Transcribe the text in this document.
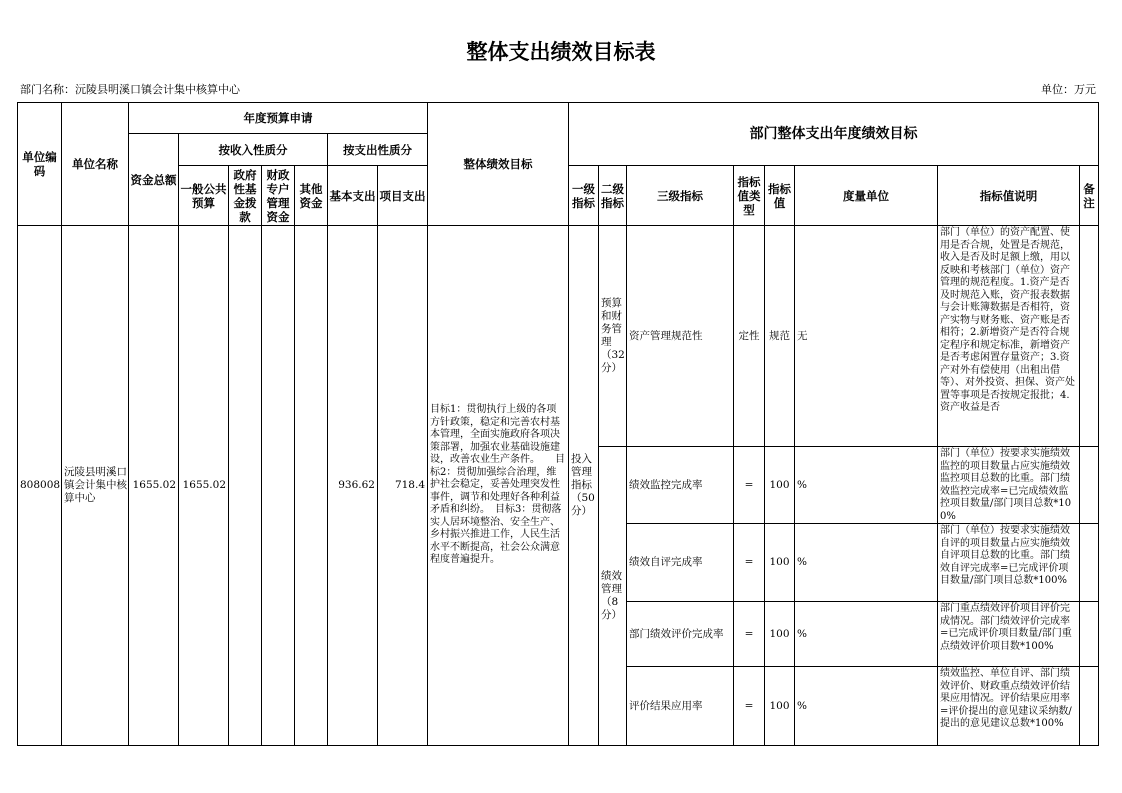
整体支出绩效目标表
部门名称：沅陵县明溪口镇会计集中核算中心	单位：万元
单位编码	单位名称	年度预算申请							整体绩效目标	部门整体支出年度绩效目标							
		资金总额	按收入性质分				按支出性质分										
			一般公共预算	政府性基金拨款	财政专户管理资金	其他资金	基本支出	项目支出		一级指标	二级指标	三级指标	指标值类型	指标值	度量单位	指标值说明	备注

808008	沅陵县明溪口镇会计集中核算中心	1655.02	1655.02				936.62	718.4	目标1：贯彻执行上级的各项方针政策，稳定和完善农村基本管理，全面实施政府各项决策部署，加强农业基础设施建设，改善农业生产条件。　　目标2：贯彻加强综合治理，维护社会稳定，妥善处理突发性事件，调节和处理好各种利益矛盾和纠纷。　目标3：贯彻落实人居环境整治、安全生产、乡村振兴推进工作，人民生活水平不断提高，社会公众满意程度普遍提升。	投入管理指标（50分）	预算和财务管理（32分）	资产管理规范性	定性	规范	无	部门（单位）的资产配置、使用是否合规，处置是否规范，收入是否及时足额上缴，用以反映和考核部门（单位）资产管理的规范程度。1.资产是否及时规范入账，资产报表数据与会计账簿数据是否相符，资产实物与财务账、资产账是否相符；2.新增资产是否符合规定程序和规定标准，新增资产是否考虑闲置存量资产；3.资产对外有偿使用（出租出借等）、对外投资、担保、资产处置等事项是否按规定报批；4.资产收益是否	

											绩效管理（8分）	绩效监控完成率	=	100	%	部门（单位）按要求实施绩效监控的项目数量占应实施绩效监控项目总数的比重。部门绩效监控完成率=已完成绩效监控项目数量/部门项目总数*100%	

												绩效自评完成率	=	100	%	部门（单位）按要求实施绩效自评的项目数量占应实施绩效自评项目总数的比重。部门绩效自评完成率=已完成评价项目数量/部门项目总数*100%	

												部门绩效评价完成率	=	100	%	部门重点绩效评价项目评价完成情况。部门绩效评价完成率=已完成评价项目数量/部门重点绩效评价项目数*100%	

												评价结果应用率	=	100	%	绩效监控、单位自评、部门绩效评价、财政重点绩效评价结果应用情况。评价结果应用率=评价提出的意见建议采纳数/提出的意见建议总数*100%	
